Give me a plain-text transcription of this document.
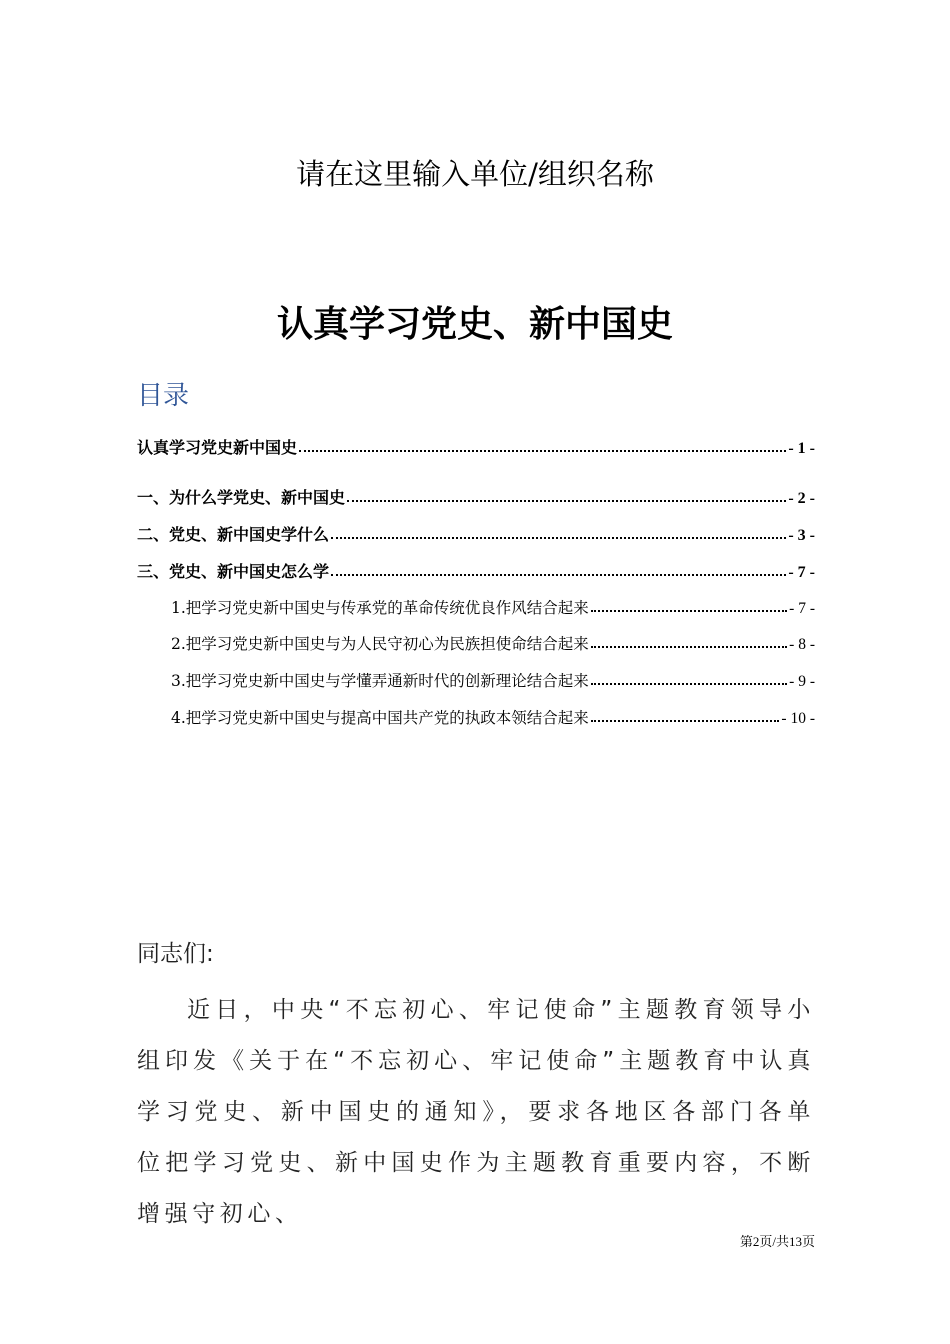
请在这里输入单位/组织名称
认真学习党史、新中国史
目录
认真学习党史新中国史	- 1 -
一、为什么学党史、新中国史	- 2 -
二、党史、新中国史学什么	- 3 -
三、党史、新中国史怎么学	- 7 -
1.把学习党史新中国史与传承党的革命传统优良作风结合起来	- 7 -
2.把学习党史新中国史与为人民守初心为民族担使命结合起来	- 8 -
3.把学习党史新中国史与学懂弄通新时代的创新理论结合起来	- 9 -
4.把学习党史新中国史与提高中国共产党的执政本领结合起来	- 10 -
同志们:
近日，中央“不忘初心、牢记使命”主题教育领导小组印发《关于在“不忘初心、牢记使命”主题教育中认真学习党史、新中国史的通知》，要求各地区各部门各单位把学习党史、新中国史作为主题教育重要内容，不断增强守初心、
第2页/共13页
